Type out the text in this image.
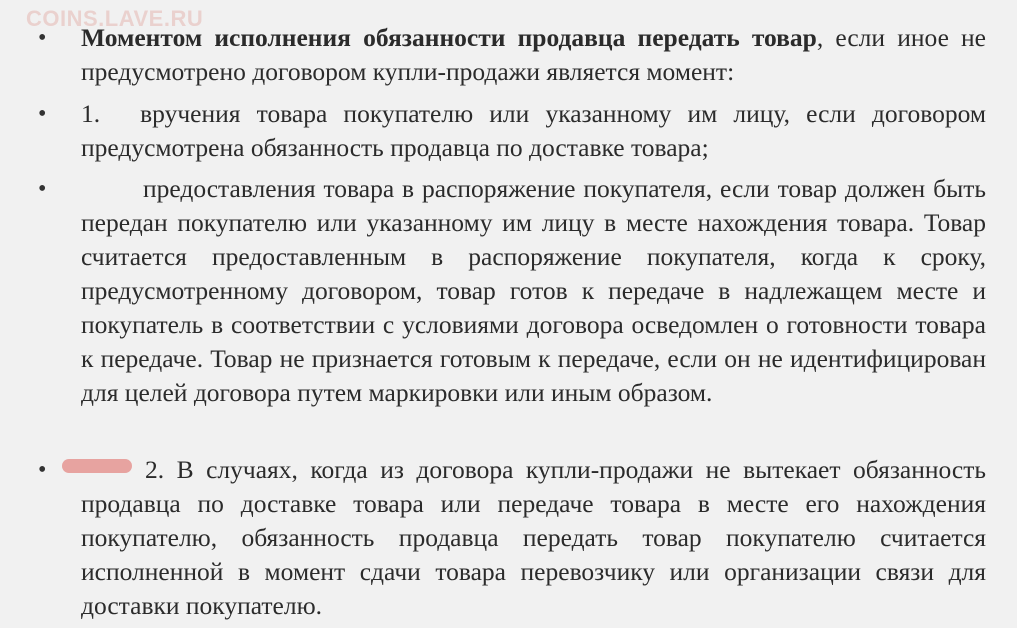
COINS.LAVE.RU
• Моментом исполнения обязанности продавца передать товар, если иное не предусмотрено договором купли-продажи является момент:
• 1. вручения товара покупателю или указанному им лицу, если договором предусмотрена обязанность продавца по доставке товара;
•	предоставления товара в распоряжение покупателя, если товар должен быть передан покупателю или указанному им лицу в месте нахождения товара. Товар считается предоставленным в распоряжение покупателя, когда к сроку, предусмотренному договором, товар готов к передаче в надлежащем месте и покупатель в соответствии с условиями договора осведомлен о готовности товара к передаче. Товар не признается готовым к передаче, если он не идентифицирован для целей договора путем маркировки или иным образом.
•	2. В случаях, когда из договора купли-продажи не вытекает обязанность продавца по доставке товара или передаче товара в месте его нахождения покупателю, обязанность продавца передать товар покупателю считается исполненной в момент сдачи товара перевозчику или организации связи для доставки покупателю.
